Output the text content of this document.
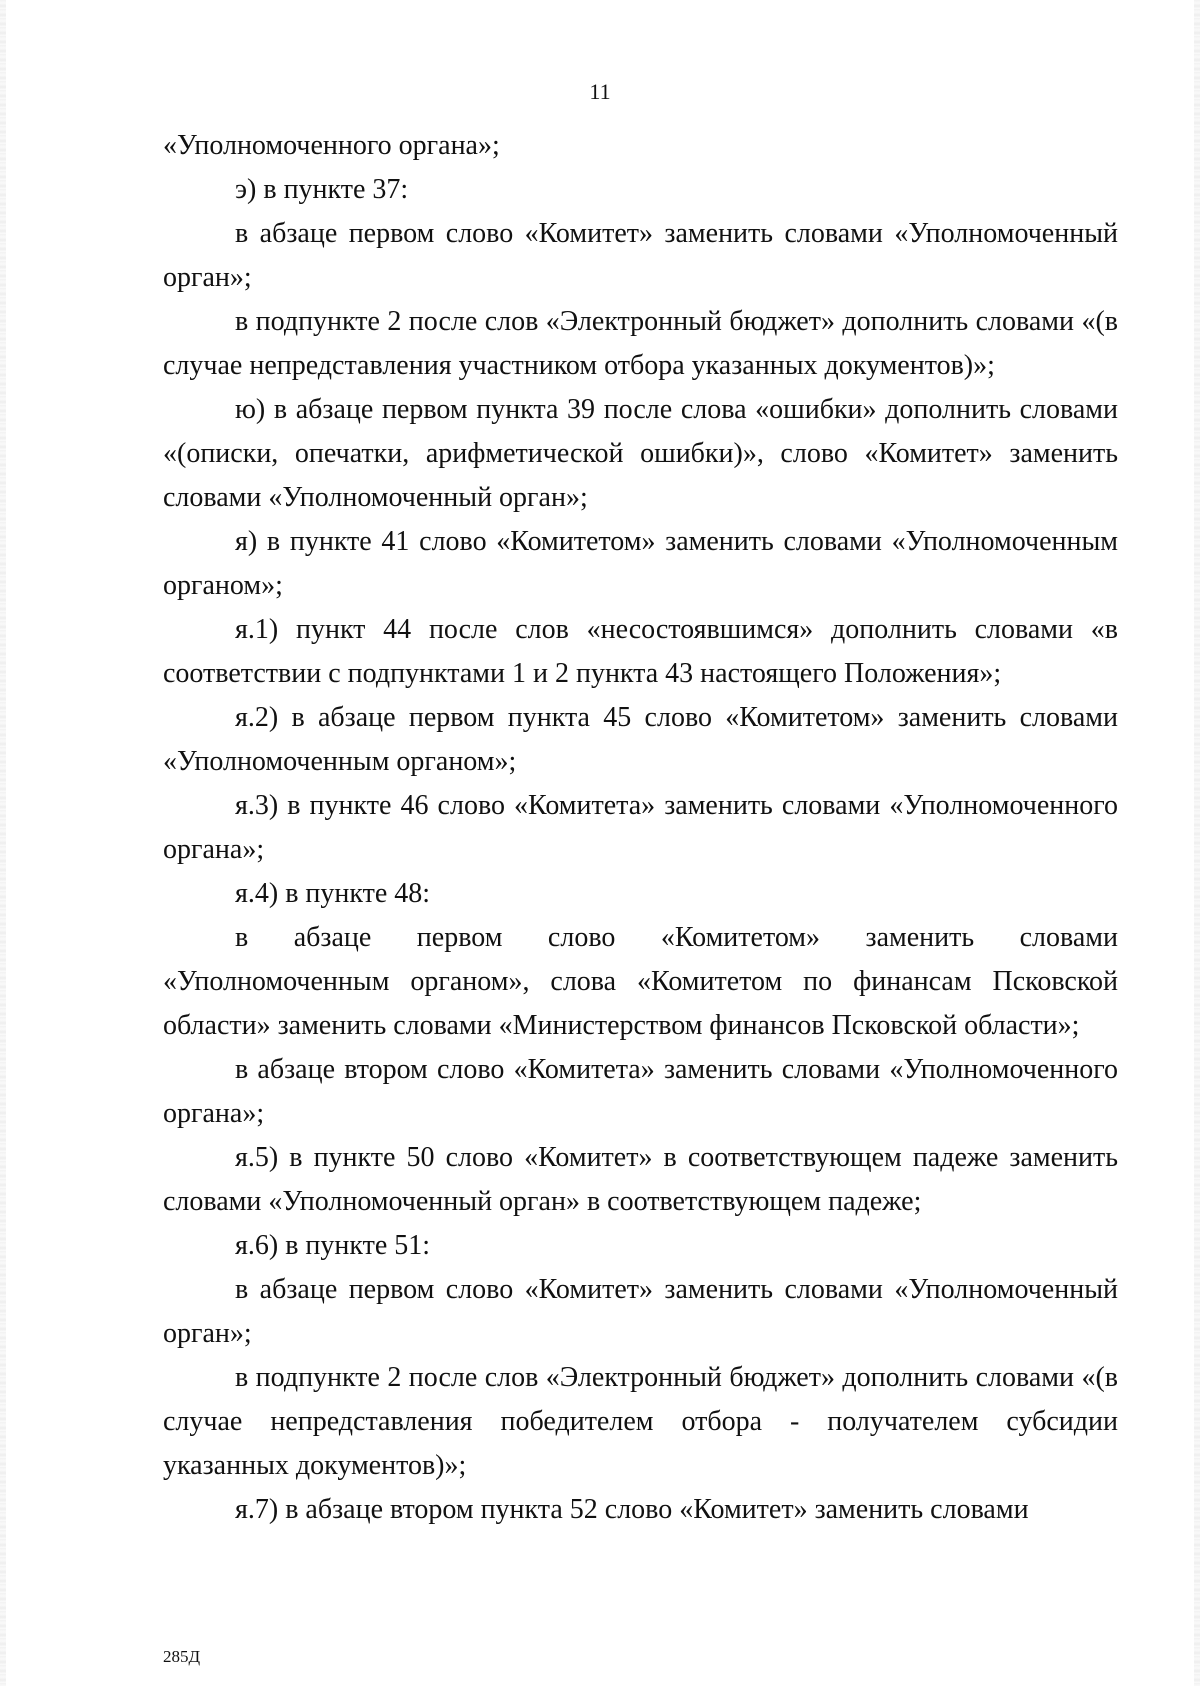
11

«Уполномоченного органа»;

э) в пункте 37:

в абзаце первом слово «Комитет» заменить словами «Уполномоченный орган»;

в подпункте 2 после слов «Электронный бюджет» дополнить словами «(в случае непредставления участником отбора указанных документов)»;

ю) в абзаце первом пункта 39 после слова «ошибки» дополнить словами «(описки, опечатки, арифметической ошибки)», слово «Комитет» заменить словами «Уполномоченный орган»;

я) в пункте 41 слово «Комитетом» заменить словами «Уполномоченным органом»;

я.1) пункт 44 после слов «несостоявшимся» дополнить словами «в соответствии с подпунктами 1 и 2 пункта 43 настоящего Положения»;

я.2) в абзаце первом пункта 45 слово «Комитетом» заменить словами «Уполномоченным органом»;

я.3) в пункте 46 слово «Комитета» заменить словами «Уполномоченного органа»;

я.4) в пункте 48:

в абзаце первом слово «Комитетом» заменить словами «Уполномоченным органом», слова «Комитетом по финансам Псковской области» заменить словами «Министерством финансов Псковской области»;

в абзаце втором слово «Комитета» заменить словами «Уполномоченного органа»;

я.5) в пункте 50 слово «Комитет» в соответствующем падеже заменить словами «Уполномоченный орган» в соответствующем падеже;

я.6) в пункте 51:

в абзаце первом слово «Комитет» заменить словами «Уполномоченный орган»;

в подпункте 2 после слов «Электронный бюджет» дополнить словами «(в случае непредставления победителем отбора - получателем субсидии указанных документов)»;

я.7) в абзаце втором пункта 52 слово «Комитет» заменить словами

285Д
